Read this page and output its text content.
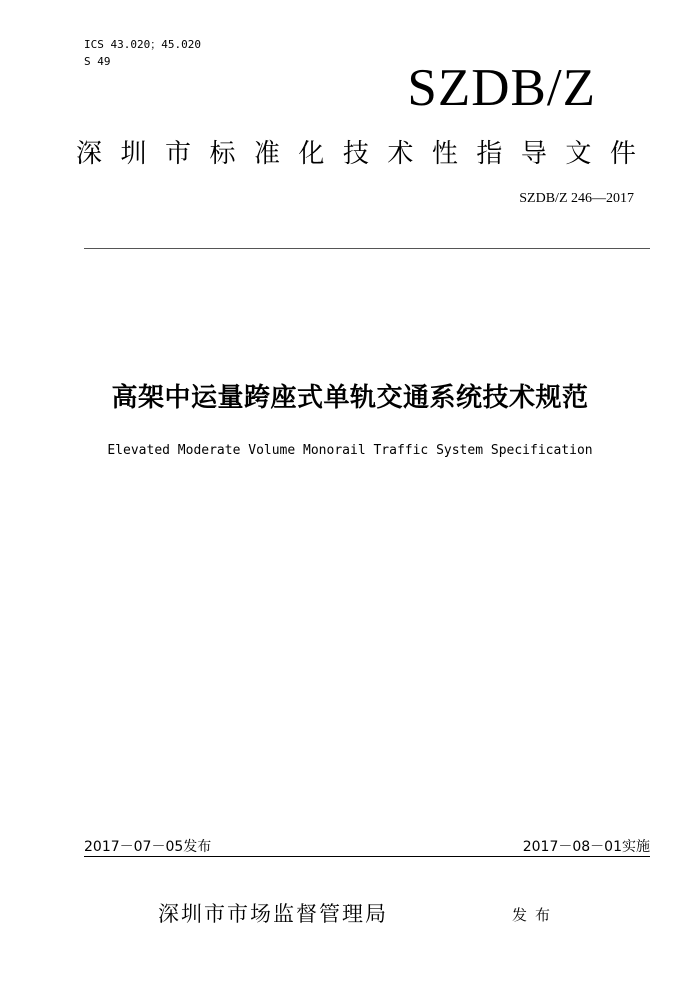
ICS 43.020；45.020
S 49	SZDB/Z
深 圳 市 标 准 化 技 术 性 指 导 文 件
SZDB/Z 246—2017
高架中运量跨座式单轨交通系统技术规范
Elevated Moderate Volume Monorail Traffic System Specification
2017－07－05发布	2017－08－01实施
深圳市市场监督管理局	发布
